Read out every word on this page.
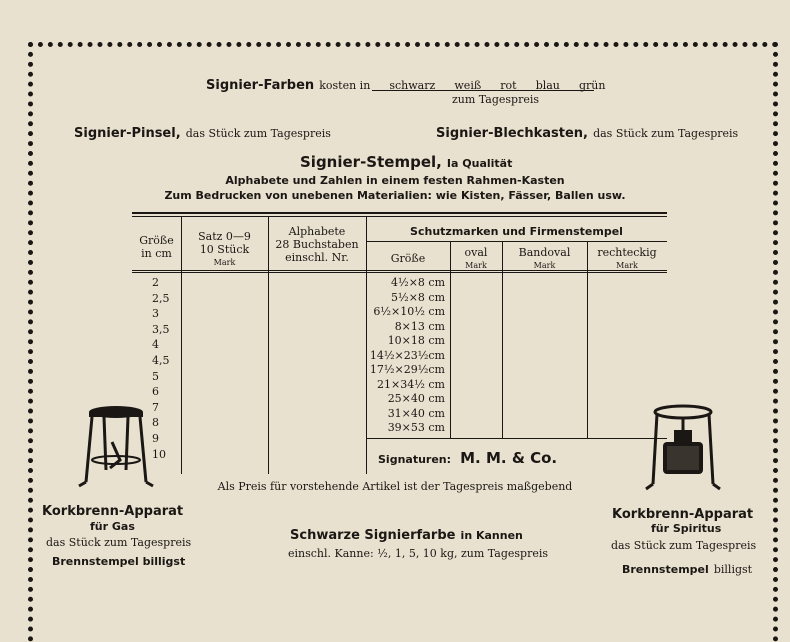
Signier-Farben kosten in schwarz weiß rot blau grün
zum Tagespreis
Signier-Pinsel, das Stück zum Tagespreis	Signier-Blechkasten, das Stück zum Tagespreis
Signier-Stempel, Ia Qualität
Alphabete und Zahlen in einem festen Rahmen-Kasten
Zum Bedrucken von unebenen Materialien: wie Kisten, Fässer, Ballen usw.
Größe
in cm
Satz 0—9
10 Stück
Mark
Alphabete
28 Buchstaben
einschl. Nr.
Schutzmarken und Firmenstempel
Größe	oval
Mark
Bandoval
Mark
rechteckig
Mark
2
2,5
3
3,5
4
4,5
5
6
7
8
9
10
4½×8 cm
5½×8 cm
6½×10½ cm
8×13 cm
10×18 cm
14½×23½cm
17½×29½cm
21×34½ cm
25×40 cm
31×40 cm
39×53 cm
Signaturen: M. M. & Co.
Als Preis für vorstehende Artikel ist der Tagespreis maßgebend
Korkbrenn-Apparat
für Gas
das Stück zum Tagespreis
Brennstempel billigst
Korkbrenn-Apparat
für Spiritus
das Stück zum Tagespreis
Brennstempel billigst
Schwarze Signierfarbe in Kannen
einschl. Kanne: ½, 1, 5, 10 kg, zum Tagespreis
